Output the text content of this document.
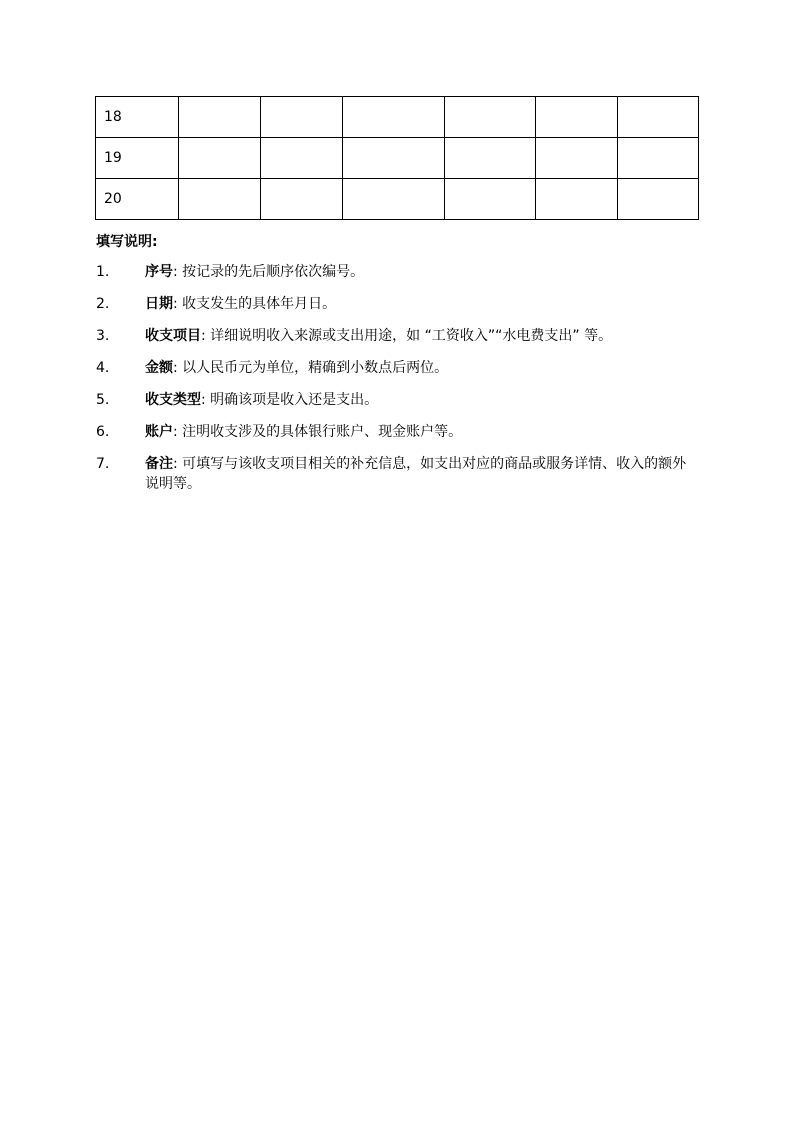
18						
19						
20						
填写说明:
1.	序号: 按记录的先后顺序依次编号。
2.	日期: 收支发生的具体年月日。
3.	收支项目: 详细说明收入来源或支出用途，如 “工资收入”“水电费支出” 等。
4.	金额: 以人民币元为单位，精确到小数点后两位。
5.	收支类型: 明确该项是收入还是支出。
6.	账户: 注明收支涉及的具体银行账户、现金账户等。
7.	备注: 可填写与该收支项目相关的补充信息，如支出对应的商品或服务详情、收入的额外说明等。
